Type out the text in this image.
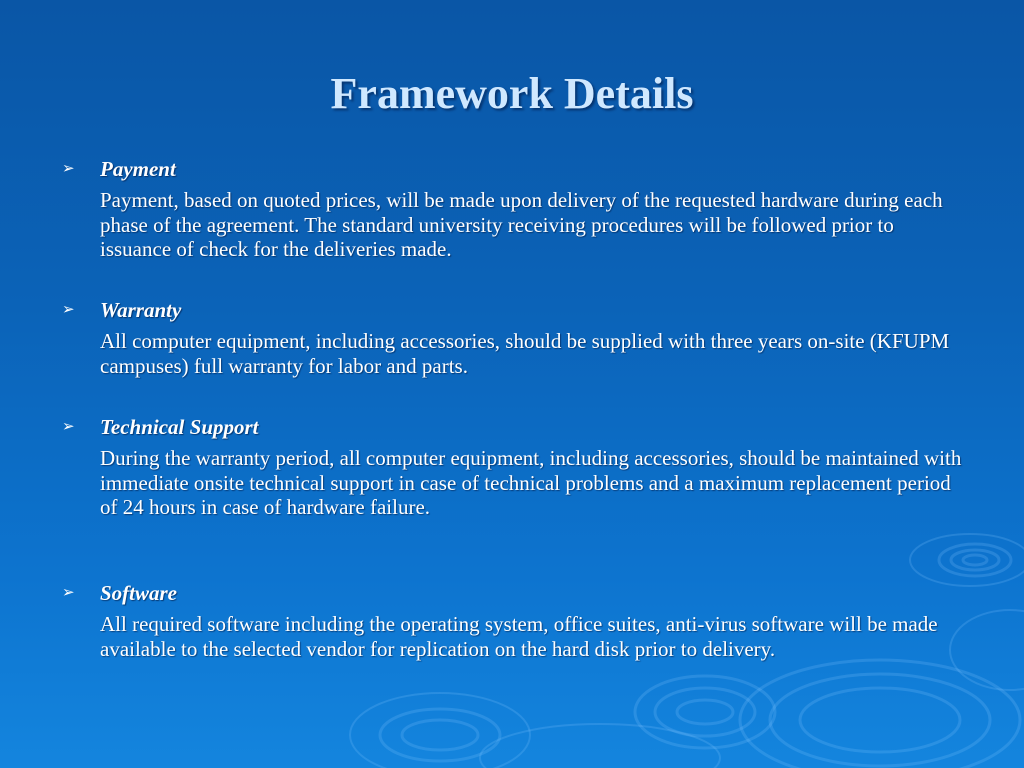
Framework Details
➢ Payment
Payment, based on quoted prices, will be made upon delivery of the requested hardware during each phase of the agreement. The standard university receiving procedures will be followed prior to issuance of check for the deliveries made.
➢ Warranty
All computer equipment, including accessories, should be supplied with three years on-site (KFUPM campuses) full warranty for labor and parts.
➢ Technical Support
During the warranty period, all computer equipment, including accessories, should be maintained with immediate onsite technical support in case of technical problems and a maximum replacement period of 24 hours in case of hardware failure.
➢ Software
All required software including the operating system, office suites, anti-virus software will be made available to the selected vendor for replication on the hard disk prior to delivery.
